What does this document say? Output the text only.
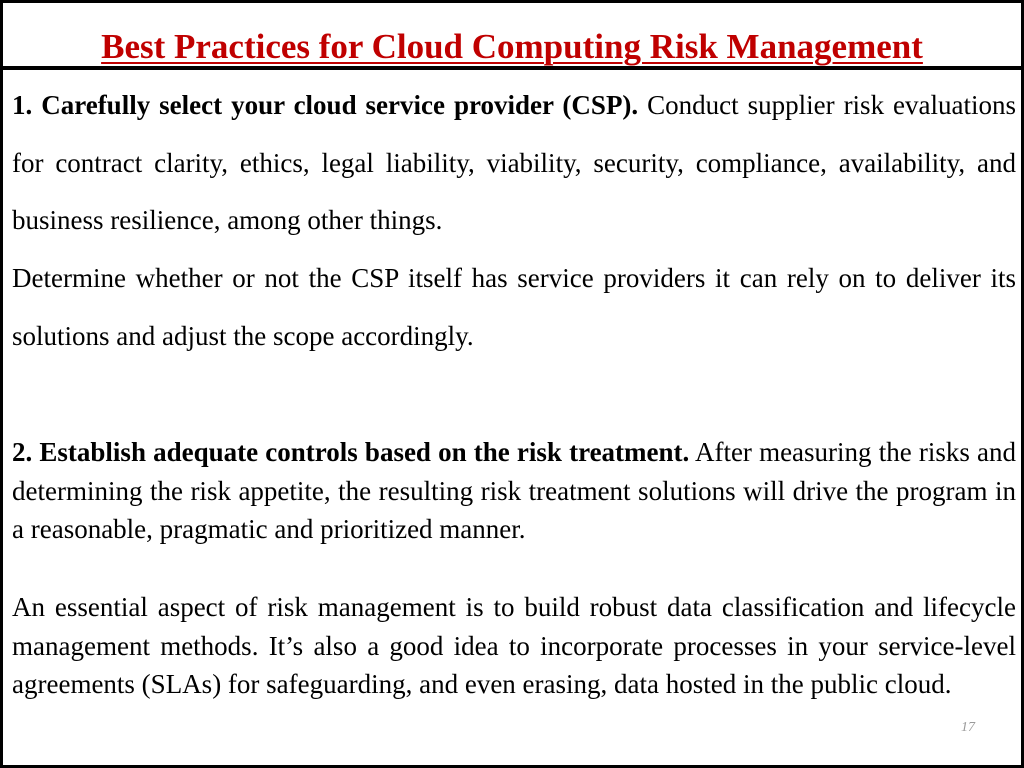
Best Practices for Cloud Computing Risk Management

1. Carefully select your cloud service provider (CSP). Conduct supplier risk evaluations for contract clarity, ethics, legal liability, viability, security, compliance, availability, and business resilience, among other things.

Determine whether or not the CSP itself has service providers it can rely on to deliver its solutions and adjust the scope accordingly.

2. Establish adequate controls based on the risk treatment. After measuring the risks and determining the risk appetite, the resulting risk treatment solutions will drive the program in a reasonable, pragmatic and prioritized manner.

An essential aspect of risk management is to build robust data classification and lifecycle management methods. It’s also a good idea to incorporate processes in your service-level agreements (SLAs) for safeguarding, and even erasing, data hosted in the public cloud.

17
